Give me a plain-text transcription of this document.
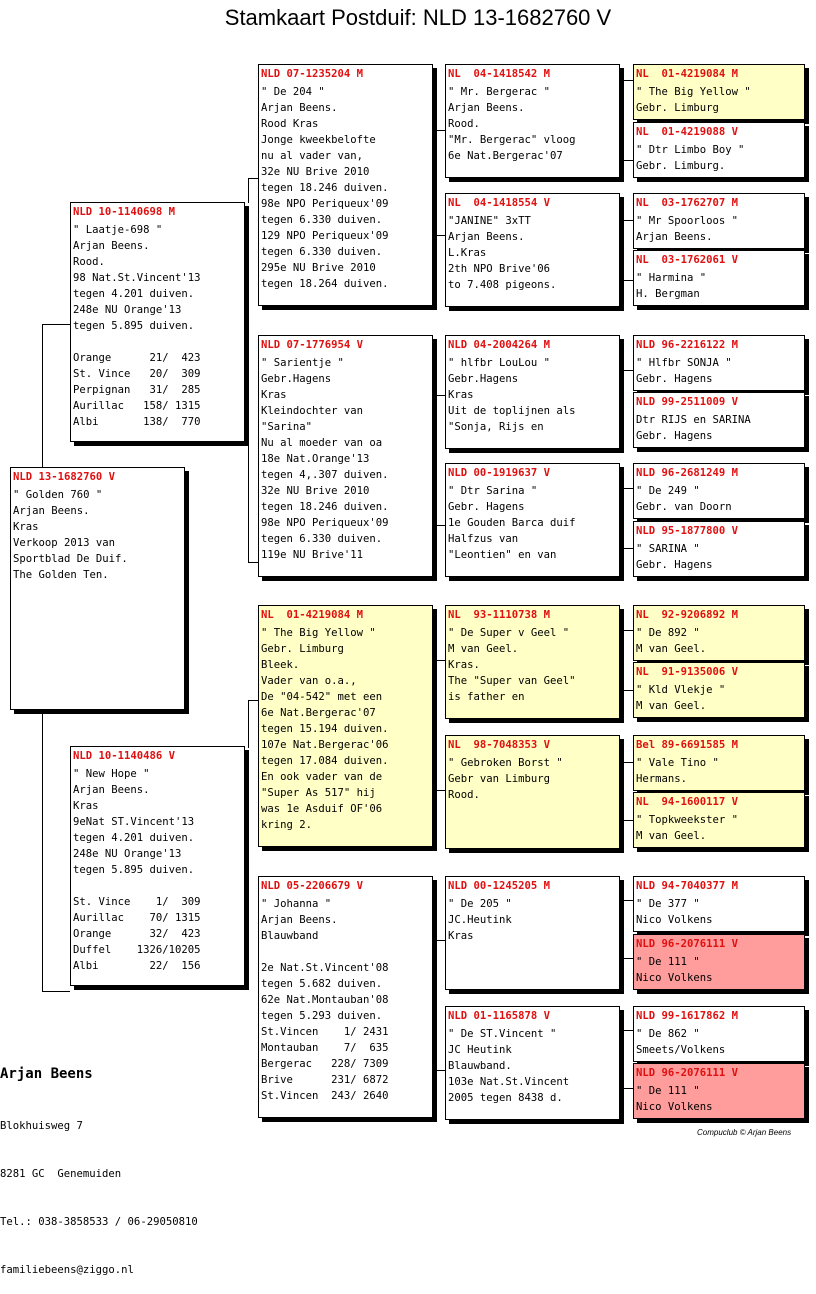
Stamkaart Postduif: NLD 13-1682760 V
NLD 13-1682760 V
" Golden 760 "
Arjan Beens.
Kras
Verkoop 2013 van
Sportblad De Duif.
The Golden Ten.
NLD 10-1140698 M
" Laatje-698 "
Arjan Beens.
Rood.
98 Nat.St.Vincent'13
tegen 4.201 duiven.
248e NU Orange'13
tegen 5.895 duiven.

Orange      21/  423
St. Vince   20/  309
Perpignan   31/  285
Aurillac   158/ 1315
Albi       138/  770
NLD 10-1140486 V
" New Hope "
Arjan Beens.
Kras
9eNat ST.Vincent'13
tegen 4.201 duiven.
248e NU Orange'13
tegen 5.895 duiven.

St. Vince    1/  309
Aurillac    70/ 1315
Orange      32/  423
Duffel    1326/10205
Albi        22/  156
NLD 07-1235204 M
" De 204 "
Arjan Beens.
Rood Kras
Jonge kweekbelofte
nu al vader van,
32e NU Brive 2010
tegen 18.246 duiven.
98e NPO Periqueux'09
tegen 6.330 duiven.
129 NPO Periqueux'09
tegen 6.330 duiven.
295e NU Brive 2010
tegen 18.264 duiven.
NLD 07-1776954 V
" Sarientje "
Gebr.Hagens
Kras
Kleindochter van
"Sarina"
Nu al moeder van oa
18e Nat.Orange'13
tegen 4,.307 duiven.
32e NU Brive 2010
tegen 18.246 duiven.
98e NPO Periqueux'09
tegen 6.330 duiven.
119e NU Brive'11
NL  01-4219084 M
" The Big Yellow "
Gebr. Limburg
Bleek.
Vader van o.a.,
De "04-542" met een
6e Nat.Bergerac'07
tegen 15.194 duiven.
107e Nat.Bergerac'06
tegen 17.084 duiven.
En ook vader van de
"Super As 517" hij
was 1e Asduif OF'06
kring 2.
NLD 05-2206679 V
" Johanna "
Arjan Beens.
Blauwband

2e Nat.St.Vincent'08
tegen 5.682 duiven.
62e Nat.Montauban'08
tegen 5.293 duiven.
St.Vincen    1/ 2431
Montauban    7/  635
Bergerac   228/ 7309
Brive      231/ 6872
St.Vincen  243/ 2640
NL  04-1418542 M
" Mr. Bergerac "
Arjan Beens.
Rood.
"Mr. Bergerac" vloog
6e Nat.Bergerac'07
NL  04-1418554 V
"JANINE" 3xTT
Arjan Beens.
L.Kras
2th NPO Brive'06
to 7.408 pigeons.
NLD 04-2004264 M
" hlfbr LouLou "
Gebr.Hagens
Kras
Uit de toplijnen als
"Sonja, Rijs en
NLD 00-1919637 V
" Dtr Sarina "
Gebr. Hagens
1e Gouden Barca duif
Halfzus van
"Leontien" en van
NL  93-1110738 M
" De Super v Geel "
M van Geel.
Kras.
The "Super van Geel"
is father en
NL  98-7048353 V
" Gebroken Borst "
Gebr van Limburg
Rood.
NLD 00-1245205 M
" De 205 "
JC.Heutink
Kras
NLD 01-1165878 V
" De ST.Vincent "
JC Heutink
Blauwband.
103e Nat.St.Vincent
2005 tegen 8438 d.
NL  01-4219084 M
" The Big Yellow "
Gebr. Limburg
NL  01-4219088 V
" Dtr Limbo Boy "
Gebr. Limburg.
NL  03-1762707 M
" Mr Spoorloos "
Arjan Beens.
NL  03-1762061 V
" Harmina "
H. Bergman
NLD 96-2216122 M
" Hlfbr SONJA "
Gebr. Hagens
NLD 99-2511009 V
Dtr RIJS en SARINA
Gebr. Hagens
NLD 96-2681249 M
" De 249 "
Gebr. van Doorn
NLD 95-1877800 V
" SARINA "
Gebr. Hagens
NL  92-9206892 M
" De 892 "
M van Geel.
NL  91-9135006 V
" Kld Vlekje "
M van Geel.
Bel 89-6691585 M
" Vale Tino "
Hermans.
NL  94-1600117 V
" Topkweekster "
M van Geel.
NLD 94-7040377 M
" De 377 "
Nico Volkens
NLD 96-2076111 V
" De 111 "
Nico Volkens
NLD 99-1617862 M
" De 862 "
Smeets/Volkens
NLD 96-2076111 V
" De 111 "
Nico Volkens

Arjan Beens

Blokhuisweg 7

8281 GC  Genemuiden

Tel.: 038-3858533 / 06-29050810

familiebeens@ziggo.nl

Compuclub © Arjan Beens
